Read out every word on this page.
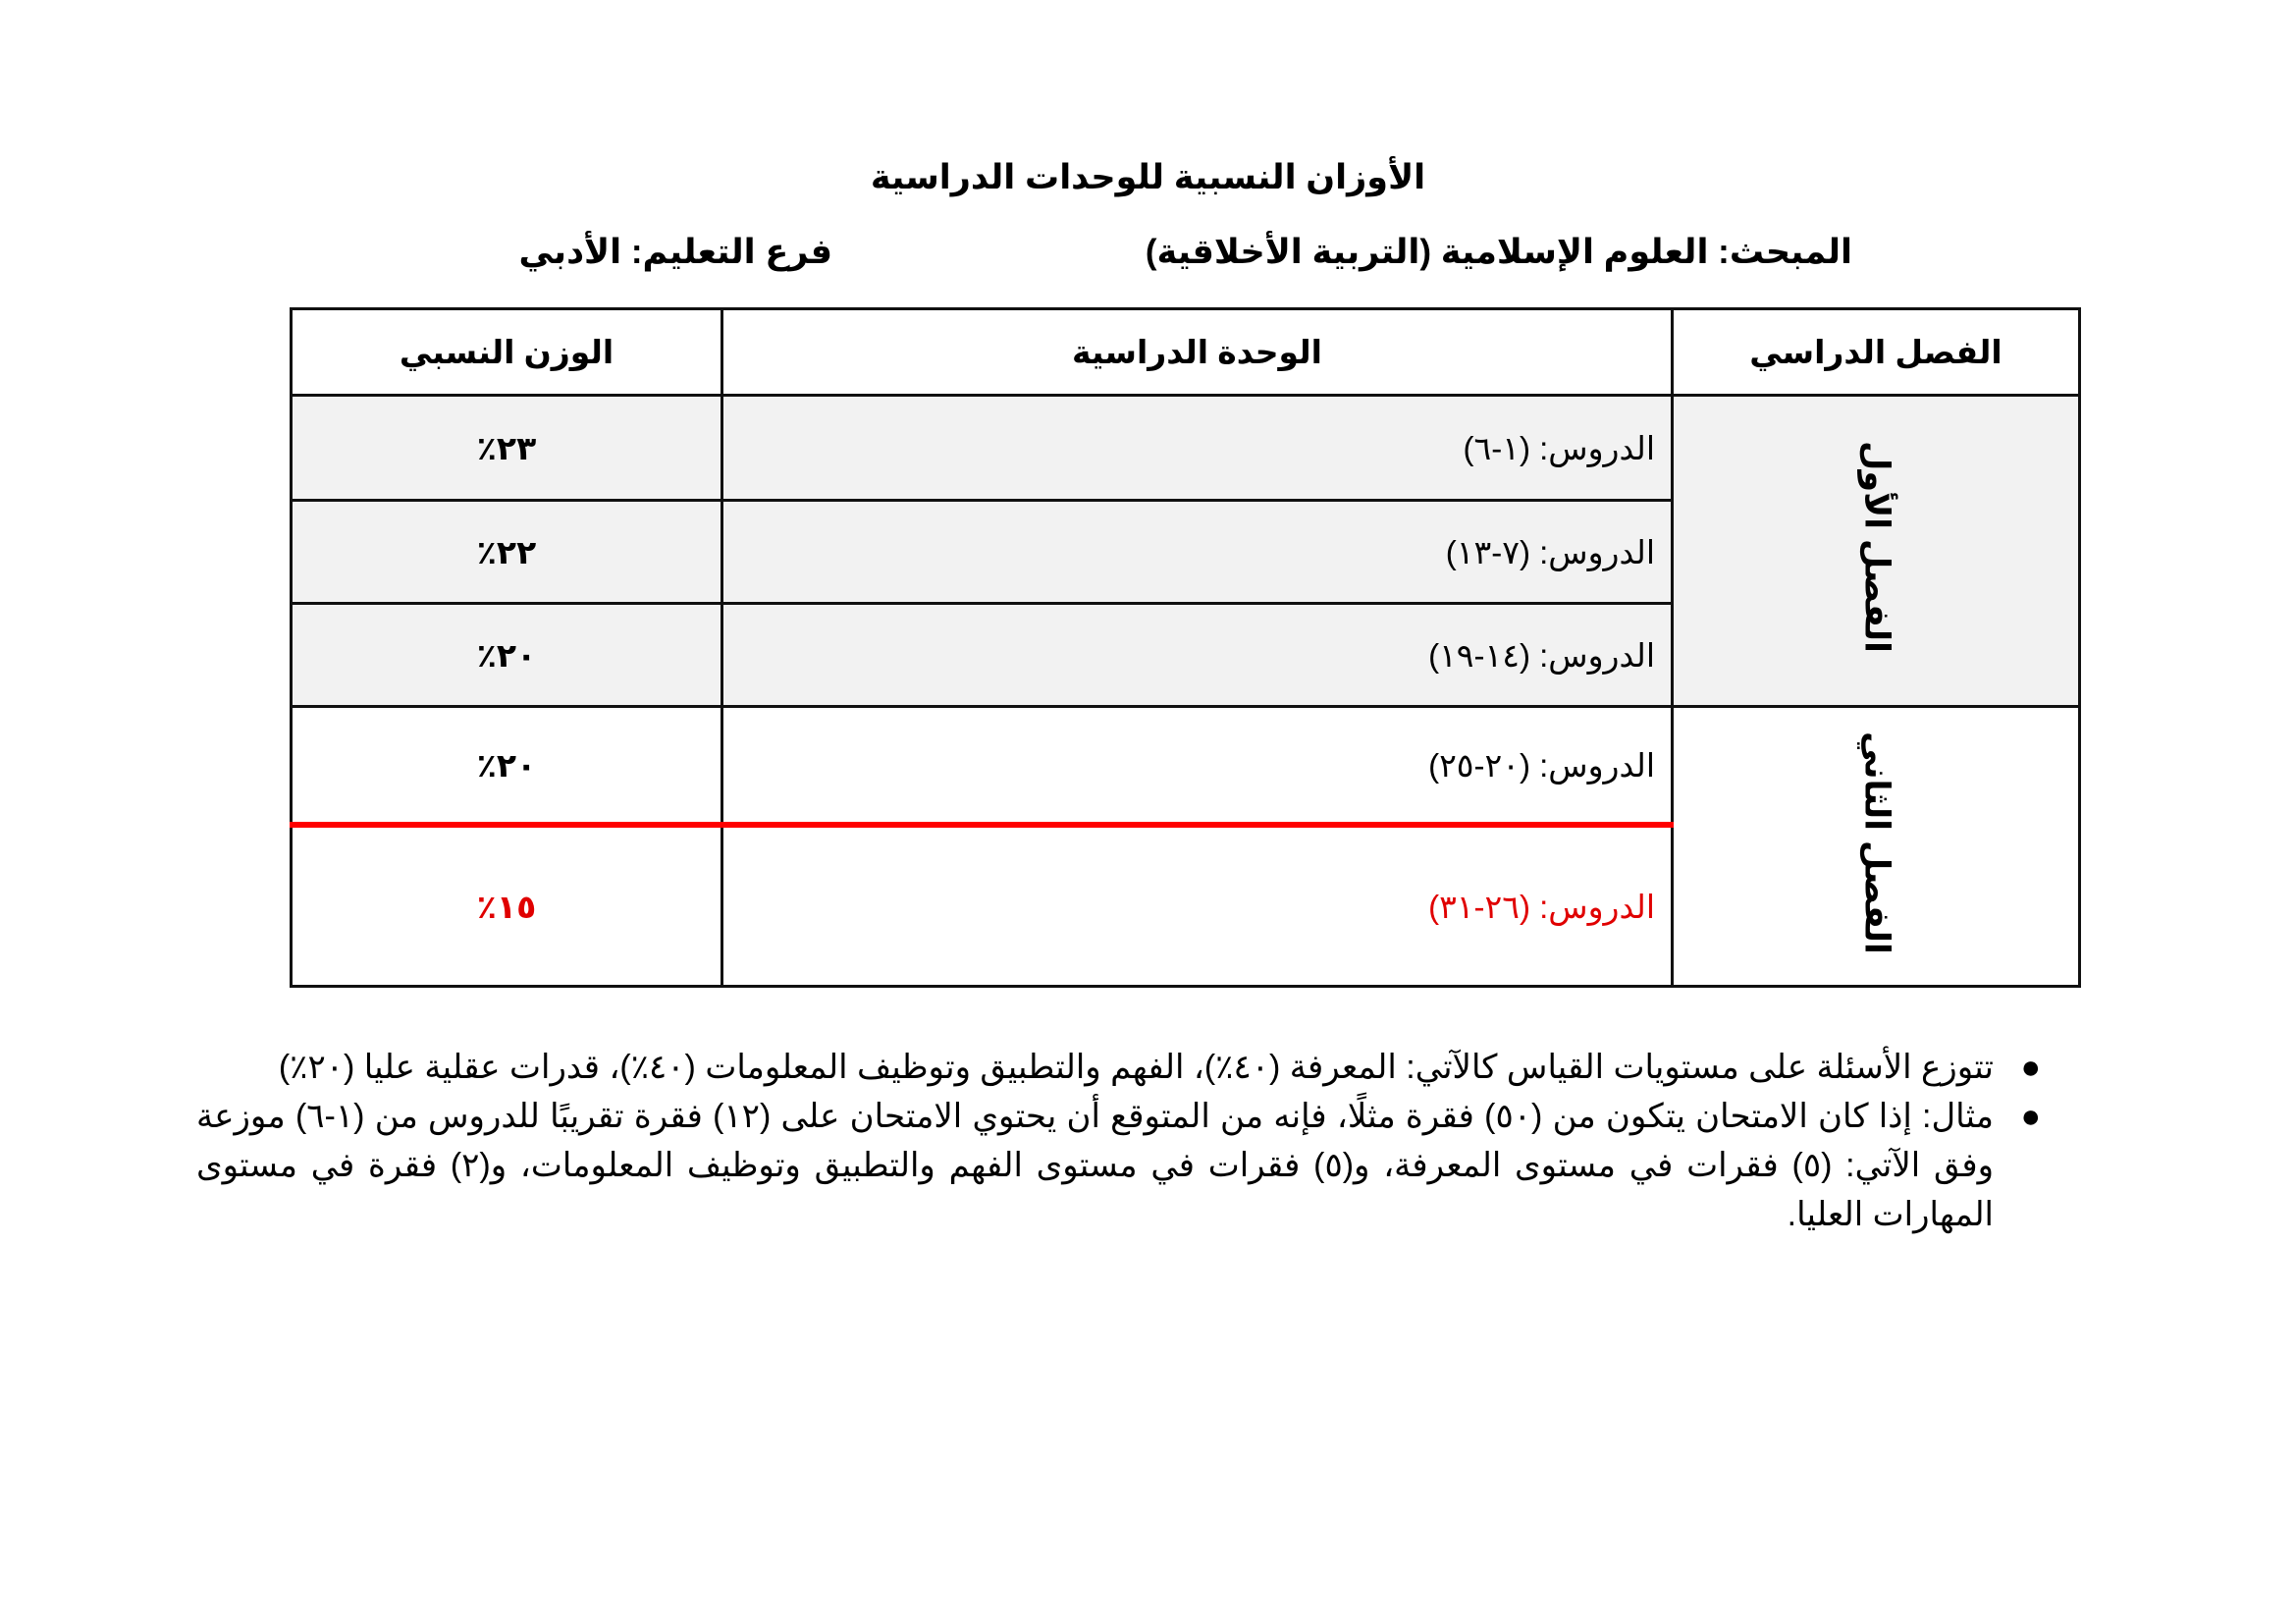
الأوزان النسبية للوحدات الدراسية
المبحث: العلوم الإسلامية (التربية الأخلاقية)
فرع التعليم: الأدبي
الفصل الدراسي	الوحدة الدراسية	الوزن النسبي
الفصل الأول	الدروس: (١-٦)	٢٣٪
	الدروس: (٧-١٣)	٢٢٪
	الدروس: (١٤-١٩)	٢٠٪
الفصل الثاني	الدروس: (٢٠-٢٥)	٢٠٪
	الدروس: (٢٦-٣١)	١٥٪
●
تتوزع الأسئلة على مستويات القياس كالآتي: المعرفة (٤٠٪)، الفهم والتطبيق وتوظيف المعلومات (٤٠٪)، قدرات عقلية عليا (٢٠٪)
●
مثال: إذا كان الامتحان يتكون من (٥٠) فقرة مثلًا، فإنه من المتوقع أن يحتوي الامتحان على (١٢) فقرة تقريبًا للدروس من (١-٦) موزعة وفق الآتي: (٥) فقرات في مستوى المعرفة، و(٥) فقرات في مستوى الفهم والتطبيق وتوظيف المعلومات، و(٢) فقرة في مستوى المهارات العليا.
